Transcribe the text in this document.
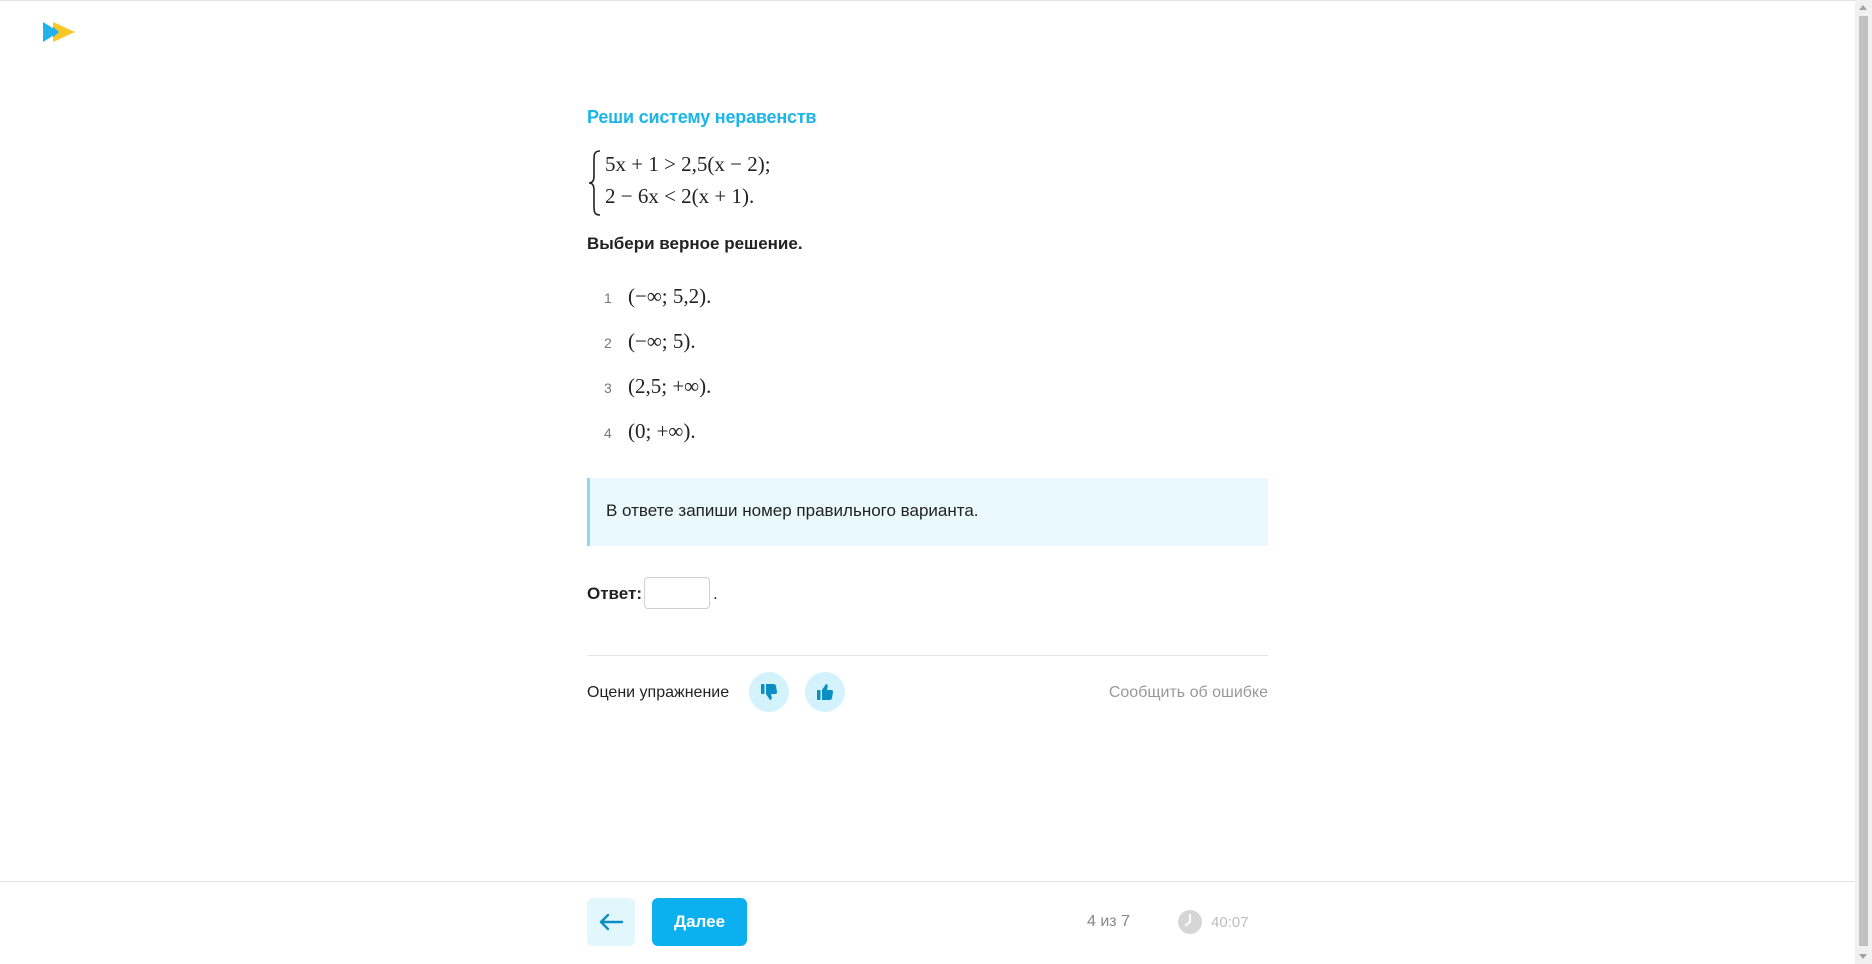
Реши систему неравенств
5x + 1 > 2,5(x − 2);
2 − 6x < 2(x + 1).
Выбери верное решение.
1 (−∞; 5,2).
2 (−∞; 5).
3 (2,5; +∞).
4 (0; +∞).
В ответе запиши номер правильного варианта.
Ответ:	.
Оцени упражнение	Сообщить об ошибке
Далее	4 из 7	40:07
